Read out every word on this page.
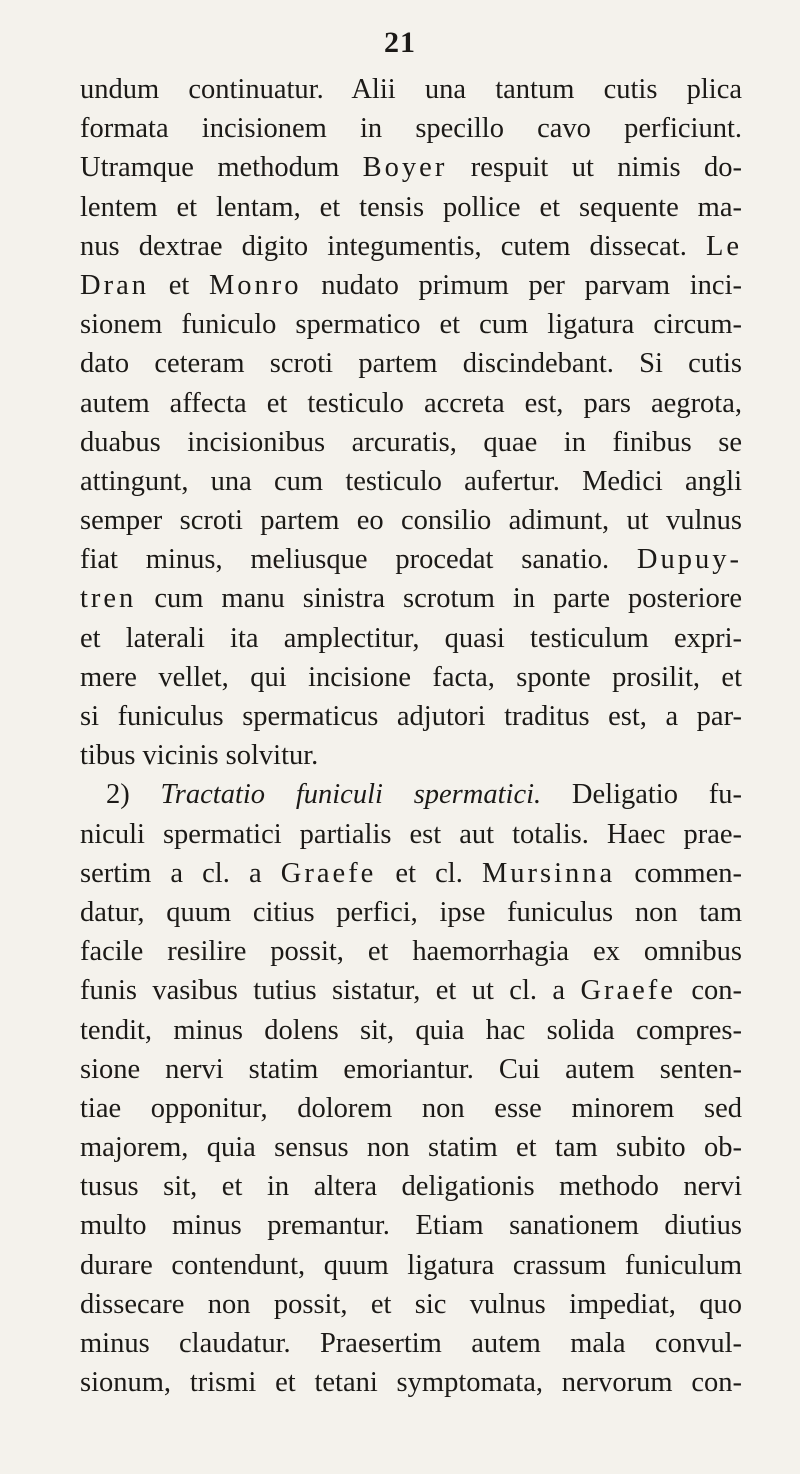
21
undum continuatur. Alii una tantum cutis plica
formata incisionem in specillo cavo perficiunt.
Utramque methodum Boyer respuit ut nimis do-
lentem et lentam, et tensis pollice et sequente ma-
nus dextrae digito integumentis, cutem dissecat. Le
Dran et Monro nudato primum per parvam inci-
sionem funiculo spermatico et cum ligatura circum-
dato ceteram scroti partem discindebant. Si cutis
autem affecta et testiculo accreta est, pars aegrota,
duabus incisionibus arcuratis, quae in finibus se
attingunt, una cum testiculo aufertur. Medici angli
semper scroti partem eo consilio adimunt, ut vulnus
fiat minus, meliusque procedat sanatio. Dupuy-
tren cum manu sinistra scrotum in parte posteriore
et laterali ita amplectitur, quasi testiculum expri-
mere vellet, qui incisione facta, sponte prosilit, et
si funiculus spermaticus adjutori traditus est, a par-
tibus vicinis solvitur.
2) Tractatio funiculi spermatici. Deligatio fu-
niculi spermatici partialis est aut totalis. Haec prae-
sertim a cl. a Graefe et cl. Mursinna commen-
datur, quum citius perfici, ipse funiculus non tam
facile resilire possit, et haemorrhagia ex omnibus
funis vasibus tutius sistatur, et ut cl. a Graefe con-
tendit, minus dolens sit, quia hac solida compres-
sione nervi statim emoriantur. Cui autem senten-
tiae opponitur, dolorem non esse minorem sed
majorem, quia sensus non statim et tam subito ob-
tusus sit, et in altera deligationis methodo nervi
multo minus premantur. Etiam sanationem diutius
durare contendunt, quum ligatura crassum funiculum
dissecare non possit, et sic vulnus impediat, quo
minus claudatur. Praesertim autem mala convul-
sionum, trismi et tetani symptomata, nervorum con-
